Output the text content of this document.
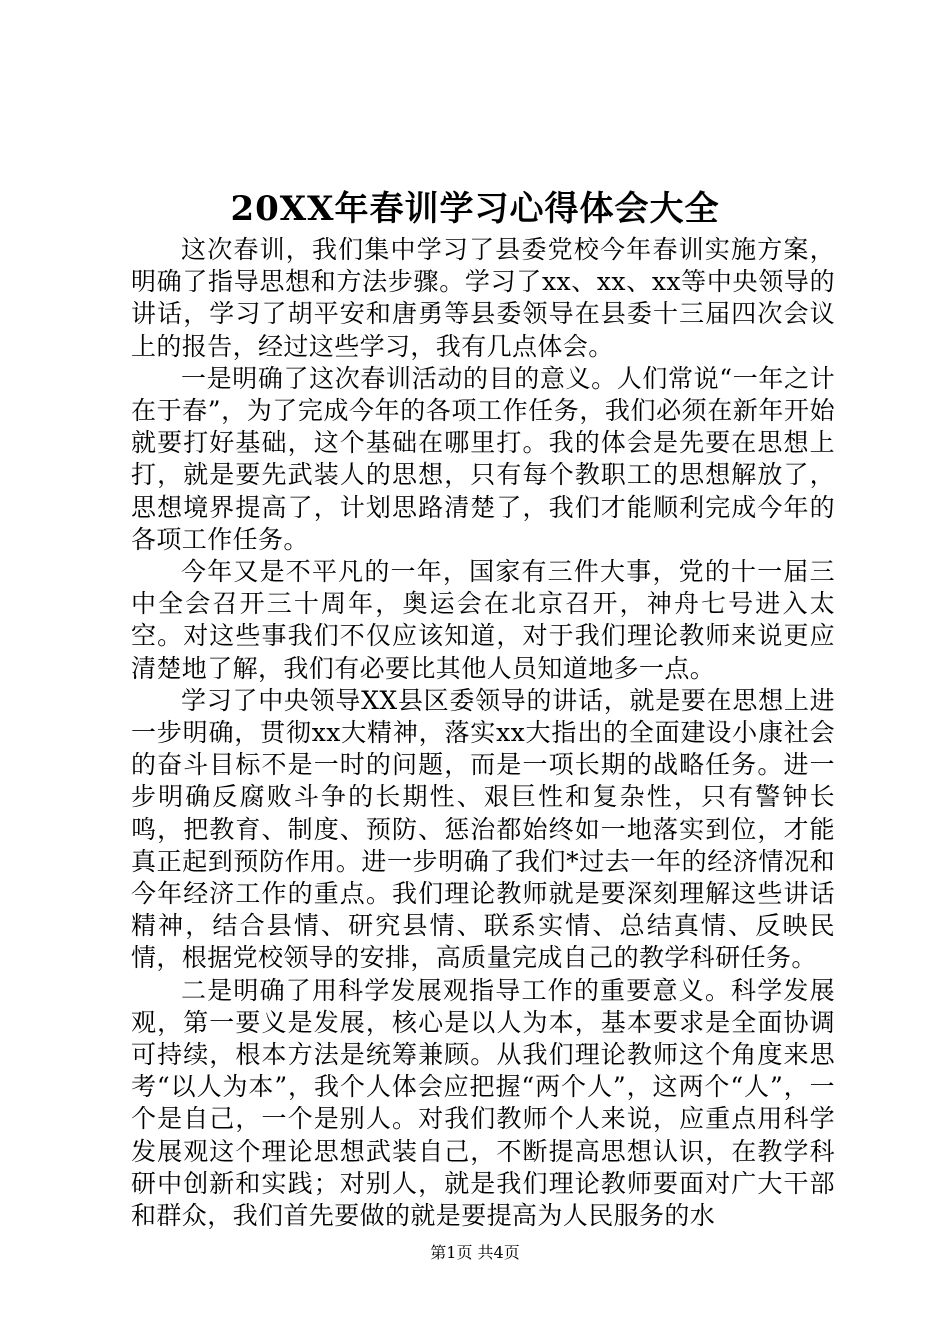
20XX年春训学习心得体会大全

这次春训，我们集中学习了县委党校今年春训实施方案，明确了指导思想和方法步骤。学习了xx、xx、xx等中央领导的讲话，学习了胡平安和唐勇等县委领导在县委十三届四次会议上的报告，经过这些学习，我有几点体会。

一是明确了这次春训活动的目的意义。人们常说“一年之计在于春”，为了完成今年的各项工作任务，我们必须在新年开始就要打好基础，这个基础在哪里打。我的体会是先要在思想上打，就是要先武装人的思想，只有每个教职工的思想解放了，思想境界提高了，计划思路清楚了，我们才能顺利完成今年的各项工作任务。

今年又是不平凡的一年，国家有三件大事，党的十一届三中全会召开三十周年，奥运会在北京召开，神舟七号进入太空。对这些事我们不仅应该知道，对于我们理论教师来说更应清楚地了解，我们有必要比其他人员知道地多一点。

学习了中央领导XX县区委领导的讲话，就是要在思想上进一步明确，贯彻xx大精神，落实xx大指出的全面建设小康社会的奋斗目标不是一时的问题，而是一项长期的战略任务。进一步明确反腐败斗争的长期性、艰巨性和复杂性，只有警钟长鸣，把教育、制度、预防、惩治都始终如一地落实到位，才能真正起到预防作用。进一步明确了我们*过去一年的经济情况和今年经济工作的重点。我们理论教师就是要深刻理解这些讲话精神，结合县情、研究县情、联系实情、总结真情、反映民情，根据党校领导的安排，高质量完成自己的教学科研任务。

二是明确了用科学发展观指导工作的重要意义。科学发展观，第一要义是发展，核心是以人为本，基本要求是全面协调可持续，根本方法是统筹兼顾。从我们理论教师这个角度来思考“以人为本”，我个人体会应把握“两个人”，这两个“人”，一个是自己，一个是别人。对我们教师个人来说，应重点用科学发展观这个理论思想武装自己，不断提高思想认识，在教学科研中创新和实践；对别人，就是我们理论教师要面对广大干部和群众，我们首先要做的就是要提高为人民服务的水

第1页 共4页
